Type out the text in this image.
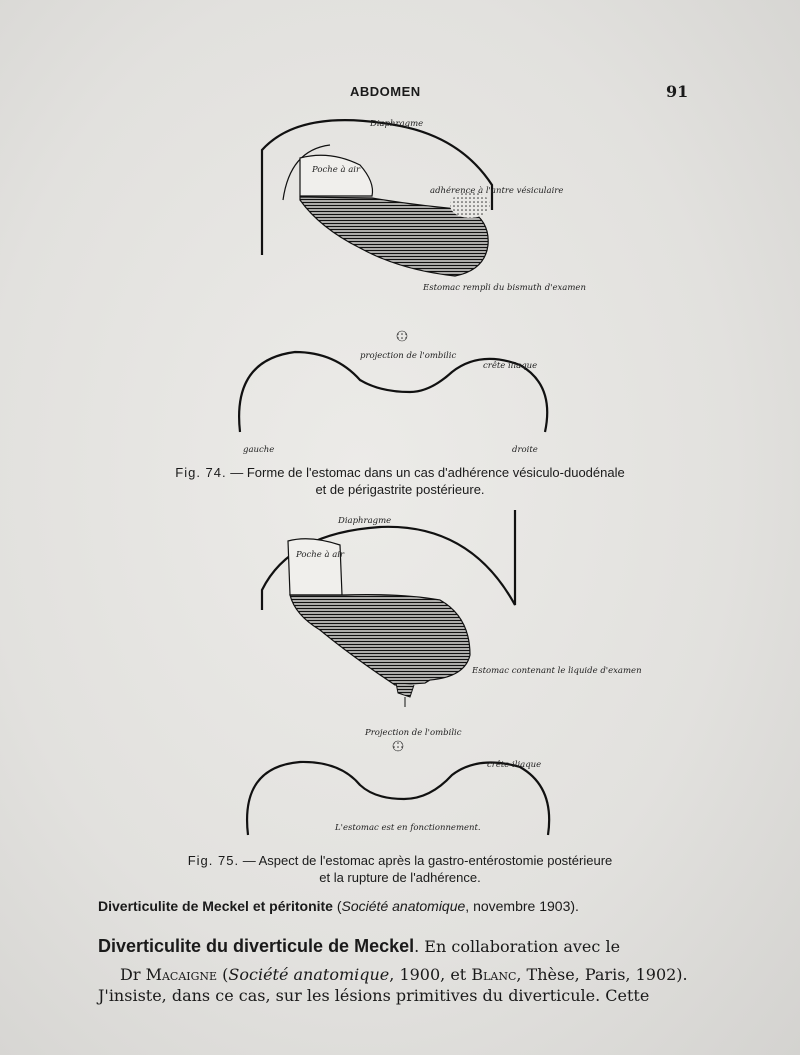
ABDOMEN	91
Diaphragme
Poche à air
adhérence à l'antre vésiculaire
Estomac rempli du bismuth d'examen
projection de l'ombilic
crête iliaque
gauche	droite
Fig. 74. — Forme de l'estomac dans un cas d'adhérence vésiculo-duodénale
et de périgastrite postérieure.
Diaphragme
Poche à air
Estomac contenant le liquide d'examen
Projection de l'ombilic
crête iliaque
L'estomac est en fonctionnement.
Fig. 75. — Aspect de l'estomac après la gastro-entérostomie postérieure
et la rupture de l'adhérence.
Diverticulite de Meckel et péritonite (Société anatomique, novembre 1903).
Diverticulite du diverticule de Meckel. En collaboration avec le
Dr Macaigne (Société anatomique, 1900, et Blanc, Thèse, Paris, 1902).
J'insiste, dans ce cas, sur les lésions primitives du diverticule. Cette
